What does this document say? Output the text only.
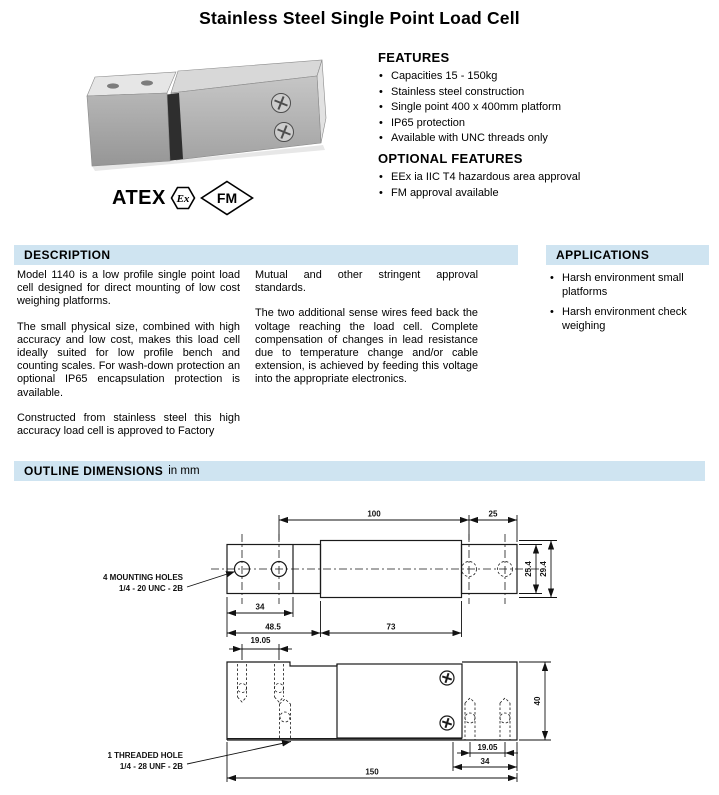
Stainless Steel Single Point Load Cell
ATEX Ex FM
FEATURES
• Capacities 15 - 150kg
• Stainless steel construction
• Single point 400 x 400mm platform
• IP65 protection
• Available with UNC threads only
OPTIONAL FEATURES
• EEx ia IIC T4 hazardous area approval
• FM approval available
DESCRIPTION	APPLICATIONS
OUTLINE DIMENSIONS in mm

Model 1140 is a low profile single point load cell designed for direct mounting of low cost weighing platforms.

The small physical size, combined with high accuracy and low cost, makes this load cell ideally suited for low profile bench and counting scales. For wash-down protection an optional IP65 encapsulation protection is available.

Constructed from stainless steel this high accuracy load cell is approved to Factory

Mutual and other stringent approval standards.

The two additional sense wires feed back the voltage reaching the load cell. Complete compensation of changes in lead resistance due to temperature change and/or cable extension, is achieved by feeding this voltage into the appropriate electronics.

• Harsh environment small platforms
• Harsh environment check weighing
100	25
25.4 29.4
34
48.5	73
4 MOUNTING HOLES
1/4 - 20 UNC - 2B
19.05
19.05
34
150
40
1 THREADED HOLE
1/4 - 28 UNF - 2B
